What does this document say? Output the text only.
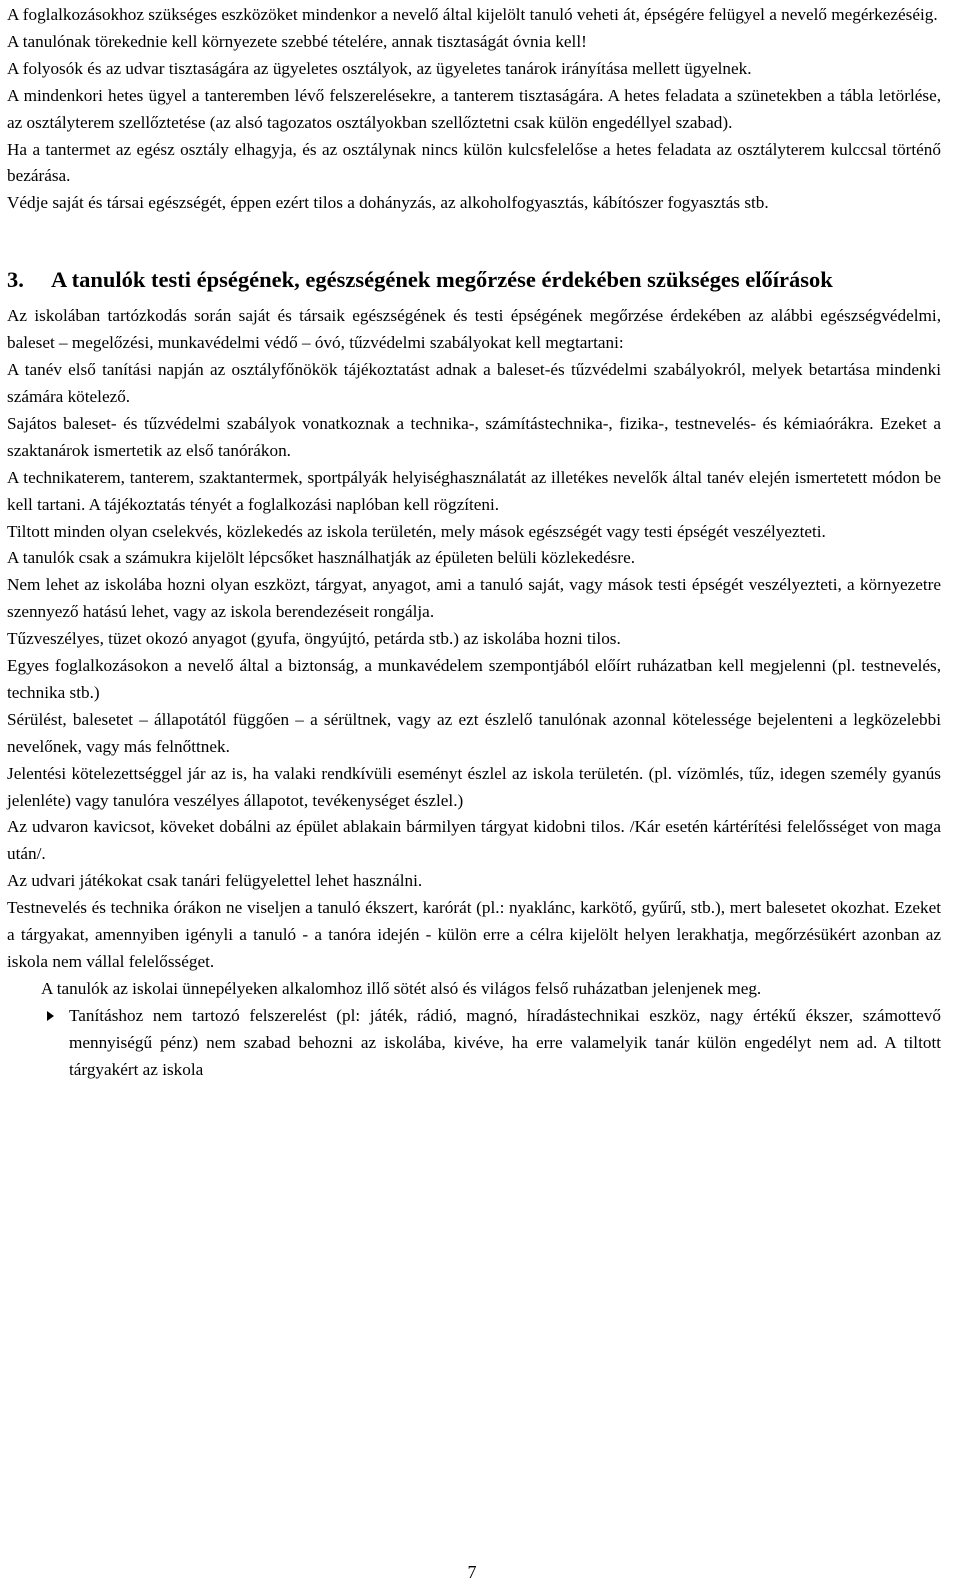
A foglalkozásokhoz szükséges eszközöket mindenkor a nevelő által kijelölt tanuló veheti át, épségére felügyel a nevelő megérkezéséig.

A tanulónak törekednie kell környezete szebbé tételére, annak tisztaságát óvnia kell!

A folyosók és az udvar tisztaságára az ügyeletes osztályok, az ügyeletes tanárok irányítása mellett ügyelnek.

A mindenkori hetes ügyel a tanteremben lévő felszerelésekre, a tanterem tisztaságára. A hetes feladata a szünetekben a tábla letörlése, az osztályterem szellőztetése (az alsó tagozatos osztályokban szellőztetni csak külön engedéllyel szabad).

Ha a tantermet az egész osztály elhagyja, és az osztálynak nincs külön kulcsfelelőse a hetes feladata az osztályterem kulccsal történő bezárása.

Védje saját és társai egészségét, éppen ezért tilos a dohányzás, az alkoholfogyasztás, kábítószer fogyasztás stb.

3.	A tanulók testi épségének, egészségének megőrzése érdekében szükséges előírások

Az iskolában tartózkodás során saját és társaik egészségének és testi épségének megőrzése érdekében az alábbi egészségvédelmi, baleset – megelőzési, munkavédelmi védő – óvó, tűzvédelmi szabályokat kell megtartani:

A tanév első tanítási napján az osztályfőnökök tájékoztatást adnak a baleset-és tűzvédelmi szabályokról, melyek betartása mindenki számára kötelező.

Sajátos baleset- és tűzvédelmi szabályok vonatkoznak a technika-, számítástechnika-, fizika-, testnevelés- és kémiaórákra. Ezeket a szaktanárok ismertetik az első tanórákon.

A technikaterem, tanterem, szaktantermek, sportpályák helyiséghasználatát az illetékes nevelők által tanév elején ismertetett módon be kell tartani. A tájékoztatás tényét a foglalkozási naplóban kell rögzíteni.

Tiltott minden olyan cselekvés, közlekedés az iskola területén, mely mások egészségét vagy testi épségét veszélyezteti.

A tanulók csak a számukra kijelölt lépcsőket használhatják az épületen belüli közlekedésre.

Nem lehet az iskolába hozni olyan eszközt, tárgyat, anyagot, ami a tanuló saját, vagy mások testi épségét veszélyezteti, a környezetre szennyező hatású lehet, vagy az iskola berendezéseit rongálja.

Tűzveszélyes, tüzet okozó anyagot (gyufa, öngyújtó, petárda stb.) az iskolába hozni tilos.

Egyes foglalkozásokon a nevelő által a biztonság, a munkavédelem szempontjából előírt ruházatban kell megjelenni (pl. testnevelés, technika stb.)

Sérülést, balesetet – állapotától függően – a sérültnek, vagy az ezt észlelő tanulónak azonnal kötelessége bejelenteni a legközelebbi nevelőnek, vagy más felnőttnek.

Jelentési kötelezettséggel jár az is, ha valaki rendkívüli eseményt észlel az iskola területén. (pl. vízömlés, tűz, idegen személy gyanús jelenléte) vagy tanulóra veszélyes állapotot, tevékenységet észlel.)

Az udvaron kavicsot, köveket dobálni az épület ablakain bármilyen tárgyat kidobni tilos. /Kár esetén kártérítési felelősséget von maga után/.

Az udvari játékokat csak tanári felügyelettel lehet használni.

Testnevelés és technika órákon ne viseljen a tanuló ékszert, karórát (pl.: nyaklánc, karkötő, gyűrű, stb.), mert balesetet okozhat. Ezeket a tárgyakat, amennyiben igényli a tanuló - a tanóra idején - külön erre a célra kijelölt helyen lerakhatja, megőrzésükért azonban az iskola nem vállal felelősséget.

A tanulók az iskolai ünnepélyeken alkalomhoz illő sötét alsó és világos felső ruházatban jelenjenek meg.

Tanításhoz nem tartozó felszerelést (pl: játék, rádió, magnó, híradástechnikai eszköz, nagy értékű ékszer, számottevő mennyiségű pénz) nem szabad behozni az iskolába, kivéve, ha erre valamelyik tanár külön engedélyt nem ad. A tiltott tárgyakért az iskola

7
